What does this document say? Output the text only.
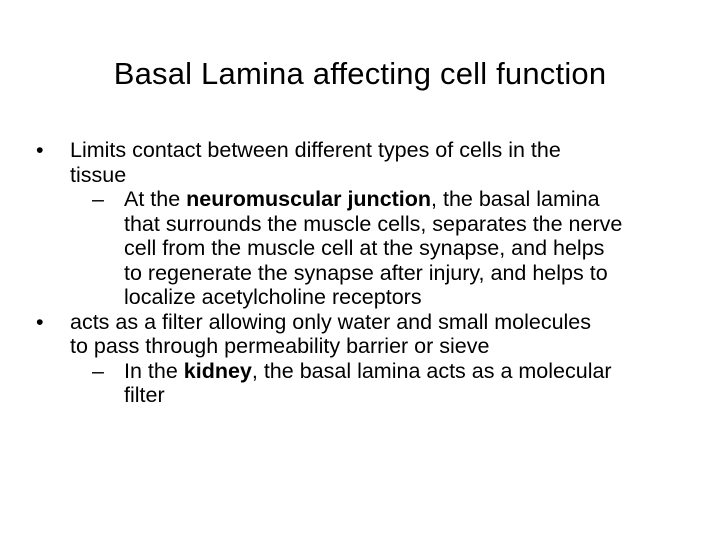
Basal Lamina affecting cell function
•	Limits contact between different types of cells in the
tissue
– At the neuromuscular junction, the basal lamina
that surrounds the muscle cells, separates the nerve
cell from the muscle cell at the synapse, and helps
to regenerate the synapse after injury, and helps to
localize acetylcholine receptors
•	acts as a filter allowing only water and small molecules
to pass through permeability barrier or sieve
– In the kidney, the basal lamina acts as a molecular
filter
